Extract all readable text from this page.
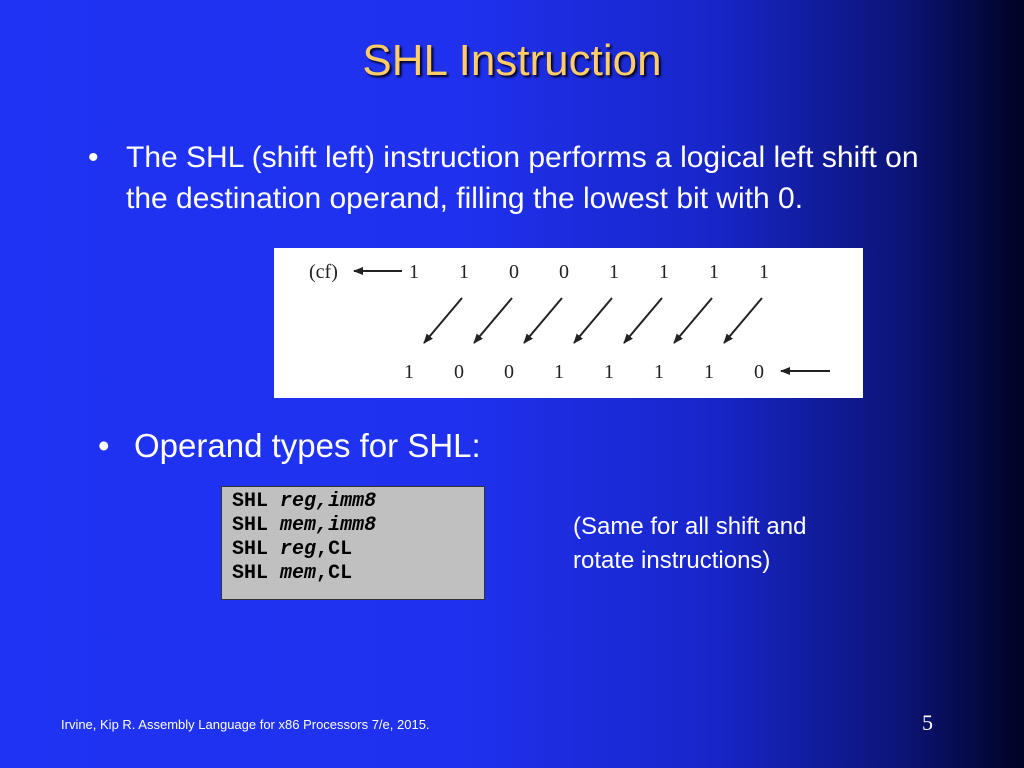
SHL Instruction
• The SHL (shift left) instruction performs a logical left shift on the destination operand, filling the lowest bit with 0.
(cf)	1 1 0 0 1 1 1 1
1 0 0 1 1 1 1 0
• Operand types for SHL:
SHL reg,imm8
SHL mem,imm8
SHL reg,CL
SHL mem,CL
(Same for all shift and rotate instructions)
Irvine, Kip R. Assembly Language for x86 Processors 7/e, 2015.	5
